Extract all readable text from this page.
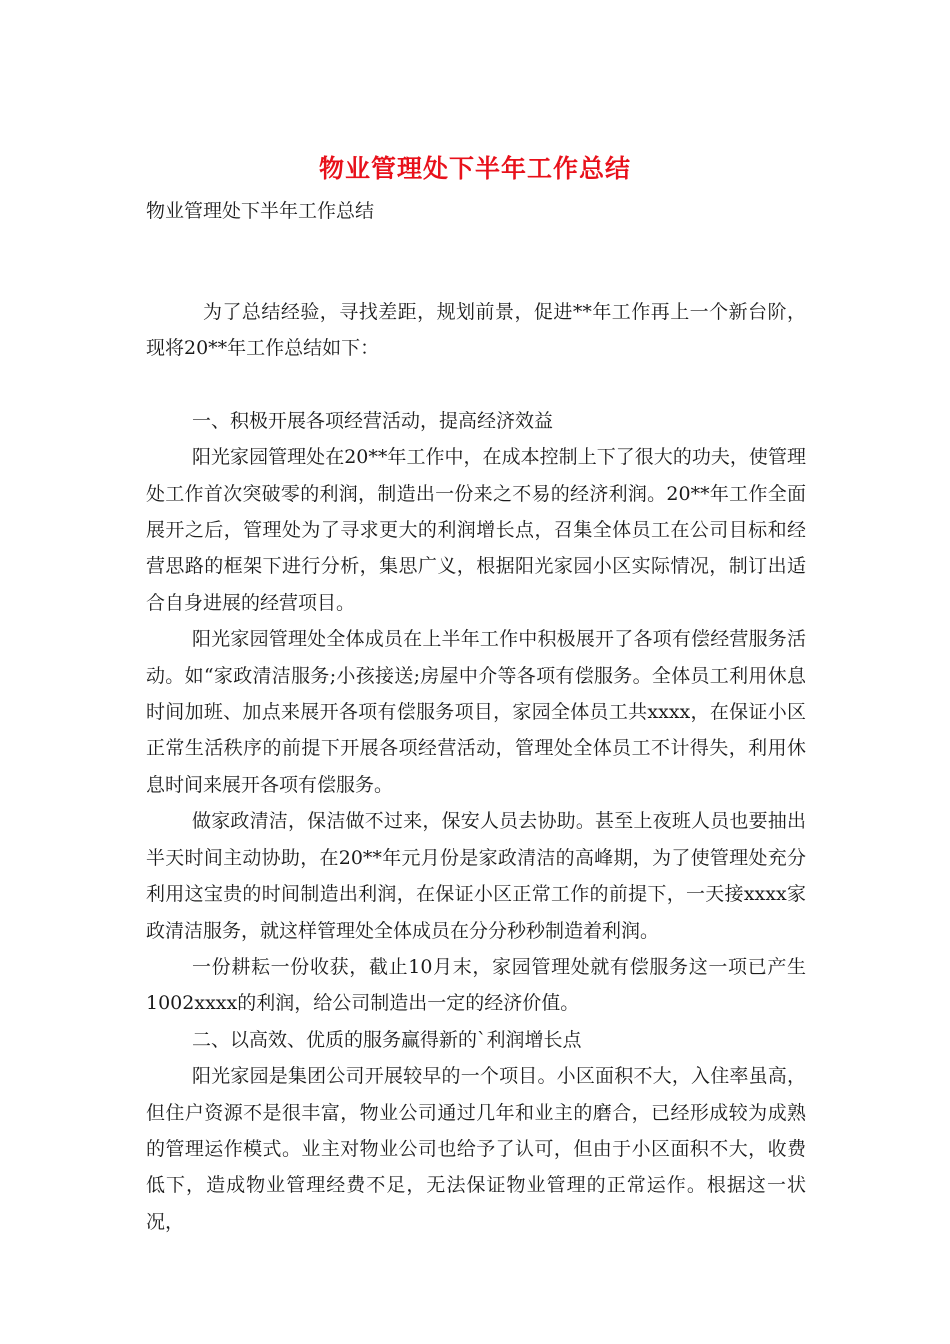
物业管理处下半年工作总结
物业管理处下半年工作总结

为了总结经验，寻找差距，规划前景，促进**年工作再上一个新台阶，现将20**年工作总结如下：

一、积极开展各项经营活动，提高经济效益

阳光家园管理处在20**年工作中，在成本控制上下了很大的功夫，使管理处工作首次突破零的利润，制造出一份来之不易的经济利润。20**年工作全面展开之后，管理处为了寻求更大的利润增长点，召集全体员工在公司目标和经营思路的框架下进行分析，集思广义，根据阳光家园小区实际情况，制订出适合自身进展的经营项目。

阳光家园管理处全体成员在上半年工作中积极展开了各项有偿经营服务活动。如“家政清洁服务;小孩接送;房屋中介等各项有偿服务。全体员工利用休息时间加班、加点来展开各项有偿服务项目，家园全体员工共xxxx，在保证小区正常生活秩序的前提下开展各项经营活动，管理处全体员工不计得失，利用休息时间来展开各项有偿服务。

做家政清洁，保洁做不过来，保安人员去协助。甚至上夜班人员也要抽出半天时间主动协助，在20**年元月份是家政清洁的高峰期，为了使管理处充分利用这宝贵的时间制造出利润，在保证小区正常工作的前提下，一天接xxxx家政清洁服务，就这样管理处全体成员在分分秒秒制造着利润。

一份耕耘一份收获，截止10月末，家园管理处就有偿服务这一项已产生1002xxxx的利润，给公司制造出一定的经济价值。

二、以高效、优质的服务赢得新的`利润增长点

阳光家园是集团公司开展较早的一个项目。小区面积不大，入住率虽高，但住户资源不是很丰富，物业公司通过几年和业主的磨合，已经形成较为成熟的管理运作模式。业主对物业公司也给予了认可，但由于小区面积不大，收费低下，造成物业管理经费不足，无法保证物业管理的正常运作。根据这一状况，
